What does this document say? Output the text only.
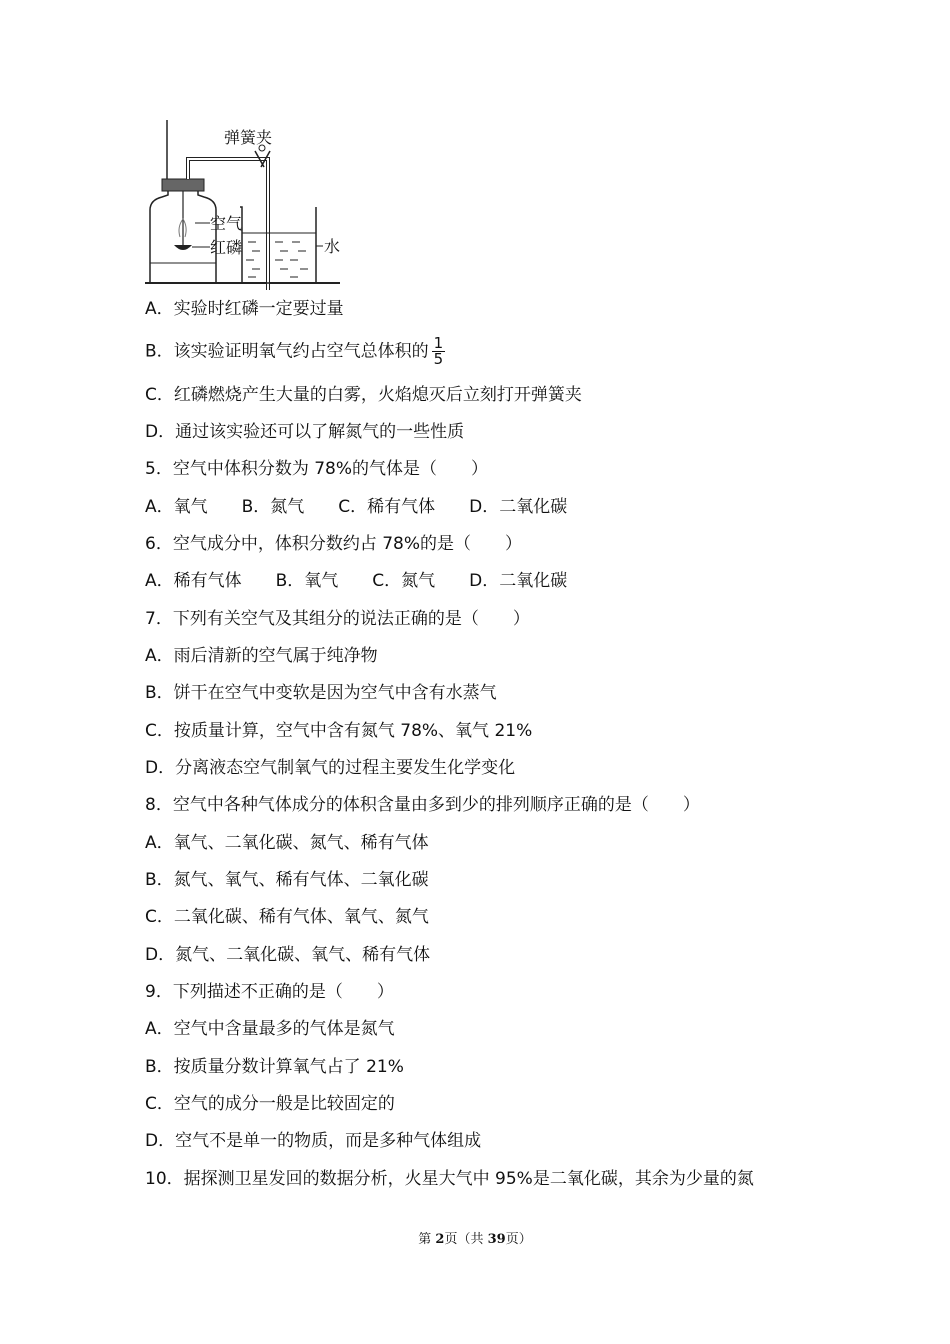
弹簧夹
空气
红磷	水
A．实验时红磷一定要过量
B．该实验证明氧气约占空气总体积的 $\frac{1}{5}$
C．红磷燃烧产生大量的白雾，火焰熄灭后立刻打开弹簧夹
D．通过该实验还可以了解氮气的一些性质
5．空气中体积分数为 78%的气体是（　　）
A．氧气　　B．氮气　　C．稀有气体　　D．二氧化碳
6．空气成分中，体积分数约占 78%的是（　　）
A．稀有气体　　B．氧气　　C．氮气　　D．二氧化碳
7．下列有关空气及其组分的说法正确的是（　　）
A．雨后清新的空气属于纯净物
B．饼干在空气中变软是因为空气中含有水蒸气
C．按质量计算，空气中含有氮气 78%、氧气 21%
D．分离液态空气制氧气的过程主要发生化学变化
8．空气中各种气体成分的体积含量由多到少的排列顺序正确的是（　　）
A．氧气、二氧化碳、氮气、稀有气体
B．氮气、氧气、稀有气体、二氧化碳
C．二氧化碳、稀有气体、氧气、氮气
D．氮气、二氧化碳、氧气、稀有气体
9．下列描述不正确的是（　　）
A．空气中含量最多的气体是氮气
B．按质量分数计算氧气占了 21%
C．空气的成分一般是比较固定的
D．空气不是单一的物质，而是多种气体组成
10．据探测卫星发回的数据分析，火星大气中 95%是二氧化碳，其余为少量的氮
第 2页（共 39页）
